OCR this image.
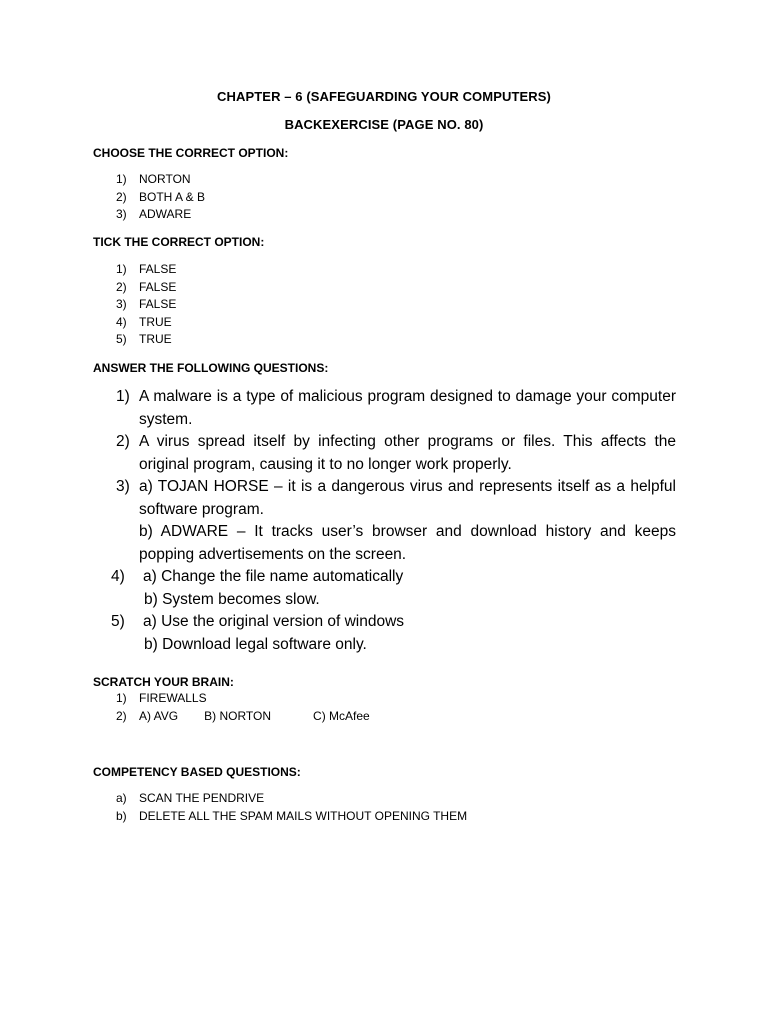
CHAPTER – 6 (SAFEGUARDING YOUR COMPUTERS)
BACKEXERCISE (PAGE NO. 80)
CHOOSE THE CORRECT OPTION:
1) NORTON
2) BOTH A & B
3) ADWARE
TICK THE CORRECT OPTION:
1) FALSE
2) FALSE
3) FALSE
4) TRUE
5) TRUE
ANSWER THE FOLLOWING QUESTIONS:
1) A malware is a type of malicious program designed to damage your computer system.
2) A virus spread itself by infecting other programs or files. This affects the original program, causing it to no longer work properly.
3) a) TOJAN HORSE – it is a dangerous virus and represents itself as a helpful software program.
b) ADWARE – It tracks user’s browser and download history and keeps popping advertisements on the screen.
4) a) Change the file name automatically
b) System becomes slow.
5) a) Use the original version of windows
b) Download legal software only.
SCRATCH YOUR BRAIN:
1) FIREWALLS
2) A) AVG B) NORTON	C) McAfee
COMPETENCY BASED QUESTIONS:
a) SCAN THE PENDRIVE
b) DELETE ALL THE SPAM MAILS WITHOUT OPENING THEM
